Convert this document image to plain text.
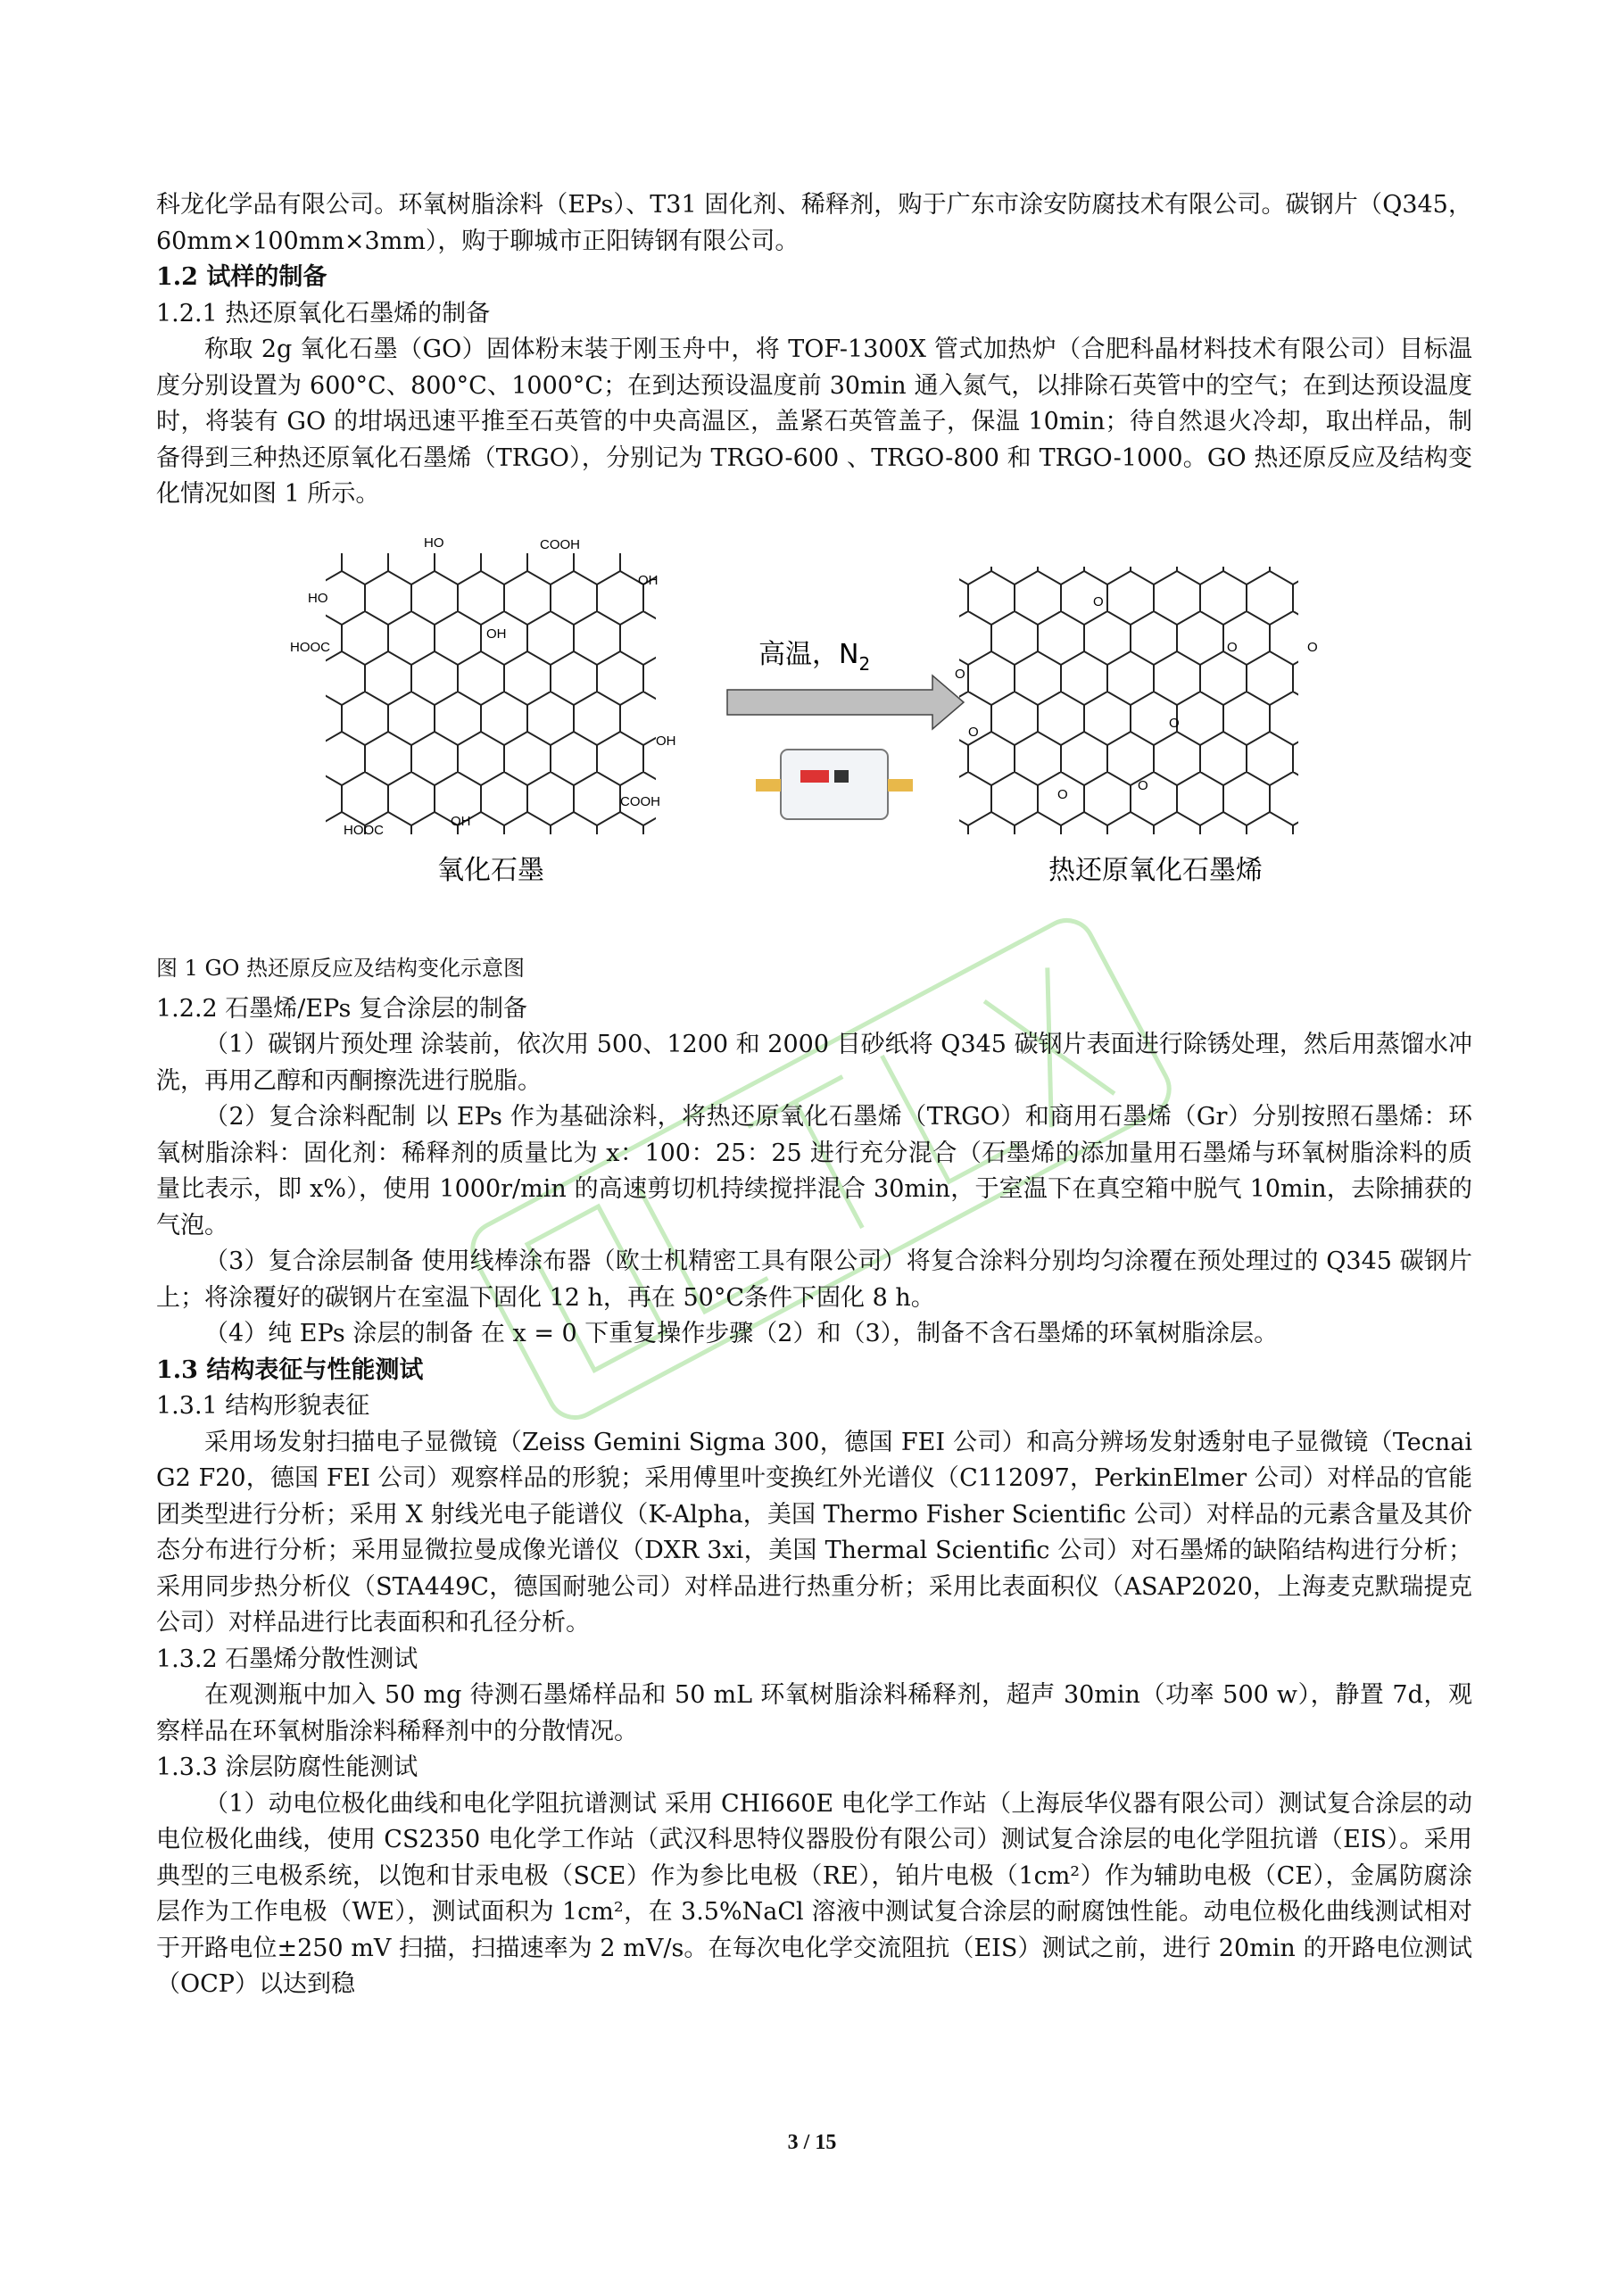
科龙化学品有限公司。环氧树脂涂料（EPs）、T31 固化剂、稀释剂，购于广东市涂安防腐技术有限公司。碳钢片（Q345，60mm×100mm×3mm），购于聊城市正阳铸钢有限公司。

1.2 试样的制备

1.2.1 热还原氧化石墨烯的制备

称取 2g 氧化石墨（GO）固体粉末装于刚玉舟中，将 TOF-1300X 管式加热炉（合肥科晶材料技术有限公司）目标温度分别设置为 600°C、800°C、1000°C；在到达预设温度前 30min 通入氮气，以排除石英管中的空气；在到达预设温度时，将装有 GO 的坩埚迅速平推至石英管的中央高温区，盖紧石英管盖子，保温 10min；待自然退火冷却，取出样品，制备得到三种热还原氧化石墨烯（TRGO），分别记为 TRGO-600 、TRGO-800 和 TRGO-1000。GO 热还原反应及结构变化情况如图 1 所示。

HOOC
HOOC
COOH
COOH
HO
HO
OH
OH
OH
OH
氧化石墨
高温，$N_2$
O
O
O
O
O
O
O
O
热还原氧化石墨烯

图 1 GO 热还原反应及结构变化示意图

1.2.2 石墨烯/EPs 复合涂层的制备

（1）碳钢片预处理 涂装前，依次用 500、1200 和 2000 目砂纸将 Q345 碳钢片表面进行除锈处理，然后用蒸馏水冲洗，再用乙醇和丙酮擦洗进行脱脂。

（2）复合涂料配制 以 EPs 作为基础涂料，将热还原氧化石墨烯（TRGO）和商用石墨烯（Gr）分别按照石墨烯：环氧树脂涂料：固化剂：稀释剂的质量比为 x：100：25：25 进行充分混合（石墨烯的添加量用石墨烯与环氧树脂涂料的质量比表示，即 x%），使用 1000r/min 的高速剪切机持续搅拌混合 30min，于室温下在真空箱中脱气 10min，去除捕获的气泡。

（3）复合涂层制备 使用线棒涂布器（欧士机精密工具有限公司）将复合涂料分别均匀涂覆在预处理过的 Q345 碳钢片上；将涂覆好的碳钢片在室温下固化 12 h，再在 50°C条件下固化 8 h。

（4）纯 EPs 涂层的制备 在 x = 0 下重复操作步骤（2）和（3），制备不含石墨烯的环氧树脂涂层。

1.3 结构表征与性能测试

1.3.1 结构形貌表征

采用场发射扫描电子显微镜（Zeiss Gemini Sigma 300，德国 FEI 公司）和高分辨场发射透射电子显微镜（Tecnai G2 F20，德国 FEI 公司）观察样品的形貌；采用傅里叶变换红外光谱仪（C112097，PerkinElmer 公司）对样品的官能团类型进行分析；采用 X 射线光电子能谱仪（K-Alpha，美国 Thermo Fisher Scientific 公司）对样品的元素含量及其价态分布进行分析；采用显微拉曼成像光谱仪（DXR 3xi，美国 Thermal Scientific 公司）对石墨烯的缺陷结构进行分析；采用同步热分析仪（STA449C，德国耐驰公司）对样品进行热重分析；采用比表面积仪（ASAP2020，上海麦克默瑞提克公司）对样品进行比表面积和孔径分析。

1.3.2 石墨烯分散性测试

在观测瓶中加入 50 mg 待测石墨烯样品和 50 mL 环氧树脂涂料稀释剂，超声 30min（功率 500 w），静置 7d，观察样品在环氧树脂涂料稀释剂中的分散情况。

1.3.3 涂层防腐性能测试

（1）动电位极化曲线和电化学阻抗谱测试 采用 CHI660E 电化学工作站（上海辰华仪器有限公司）测试复合涂层的动电位极化曲线，使用 CS2350 电化学工作站（武汉科思特仪器股份有限公司）测试复合涂层的电化学阻抗谱（EIS）。采用典型的三电极系统，以饱和甘汞电极（SCE）作为参比电极（RE），铂片电极（1cm²）作为辅助电极（CE），金属防腐涂层作为工作电极（WE），测试面积为 1cm²，在 3.5%NaCl 溶液中测试复合涂层的耐腐蚀性能。动电位极化曲线测试相对于开路电位±250 mV 扫描，扫描速率为 2 mV/s。在每次电化学交流阻抗（EIS）测试之前，进行 20min 的开路电位测试（OCP）以达到稳

3 / 15
